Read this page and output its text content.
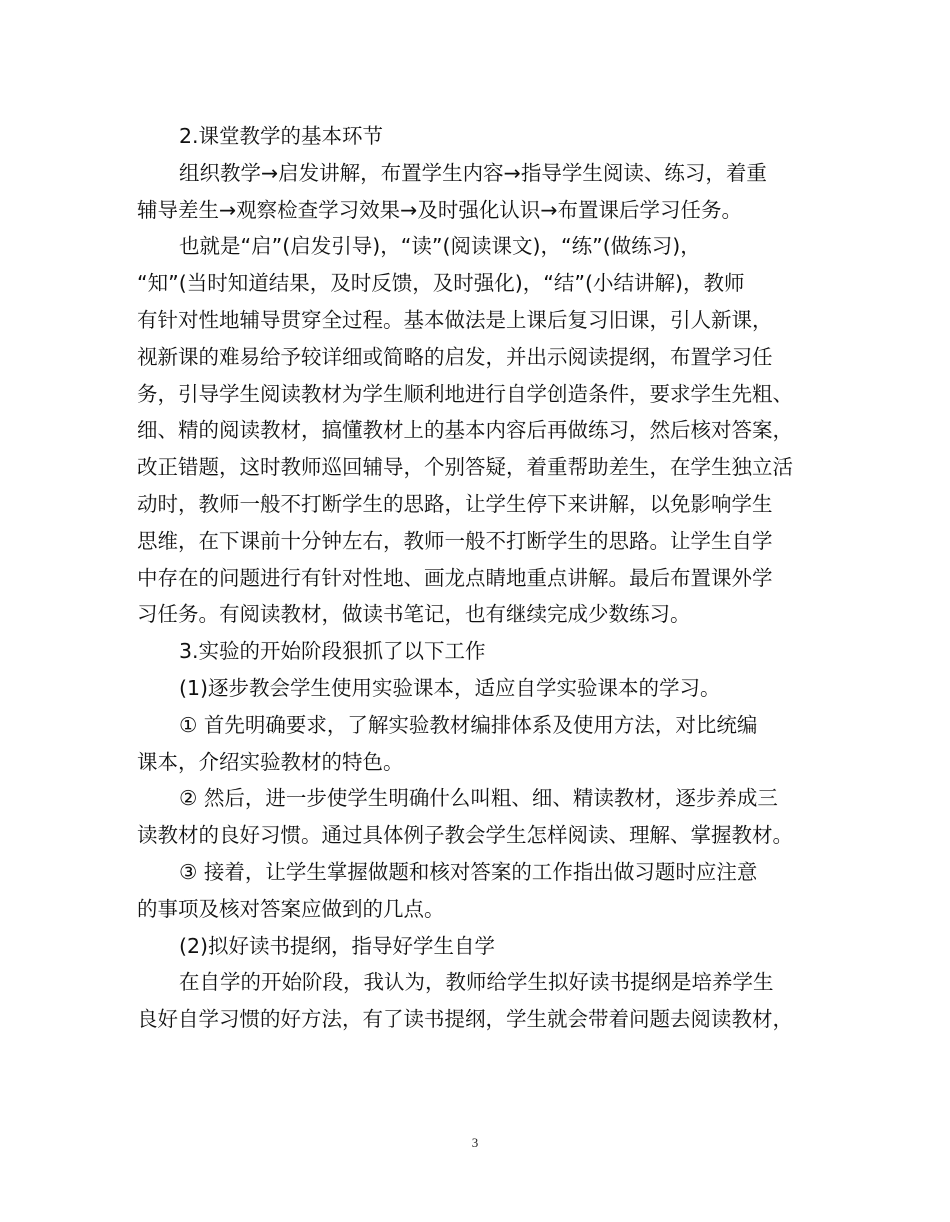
2.课堂教学的基本环节
组织教学→启发讲解，布置学生内容→指导学生阅读、练习，着重
辅导差生→观察检查学习效果→及时强化认识→布置课后学习任务。
也就是“启”(启发引导)，“读”(阅读课文)，“练”(做练习)，
“知”(当时知道结果，及时反馈，及时强化)，“结”(小结讲解)，教师
有针对性地辅导贯穿全过程。基本做法是上课后复习旧课，引人新课，
视新课的难易给予较详细或简略的启发，并出示阅读提纲，布置学习任
务，引导学生阅读教材为学生顺利地进行自学创造条件，要求学生先粗、
细、精的阅读教材，搞懂教材上的基本内容后再做练习，然后核对答案，
改正错题，这时教师巡回辅导，个别答疑，着重帮助差生，在学生独立活
动时，教师一般不打断学生的思路，让学生停下来讲解，以免影响学生
思维，在下课前十分钟左右，教师一般不打断学生的思路。让学生自学
中存在的问题进行有针对性地、画龙点睛地重点讲解。最后布置课外学
习任务。有阅读教材，做读书笔记，也有继续完成少数练习。
3.实验的开始阶段狠抓了以下工作
(1)逐步教会学生使用实验课本，适应自学实验课本的学习。
① 首先明确要求，了解实验教材编排体系及使用方法，对比统编
课本，介绍实验教材的特色。
② 然后，进一步使学生明确什么叫粗、细、精读教材，逐步养成三
读教材的良好习惯。通过具体例子教会学生怎样阅读、理解、掌握教材。
③ 接着，让学生掌握做题和核对答案的工作指出做习题时应注意
的事项及核对答案应做到的几点。
(2)拟好读书提纲，指导好学生自学
在自学的开始阶段，我认为，教师给学生拟好读书提纲是培养学生
良好自学习惯的好方法，有了读书提纲，学生就会带着问题去阅读教材，
3
